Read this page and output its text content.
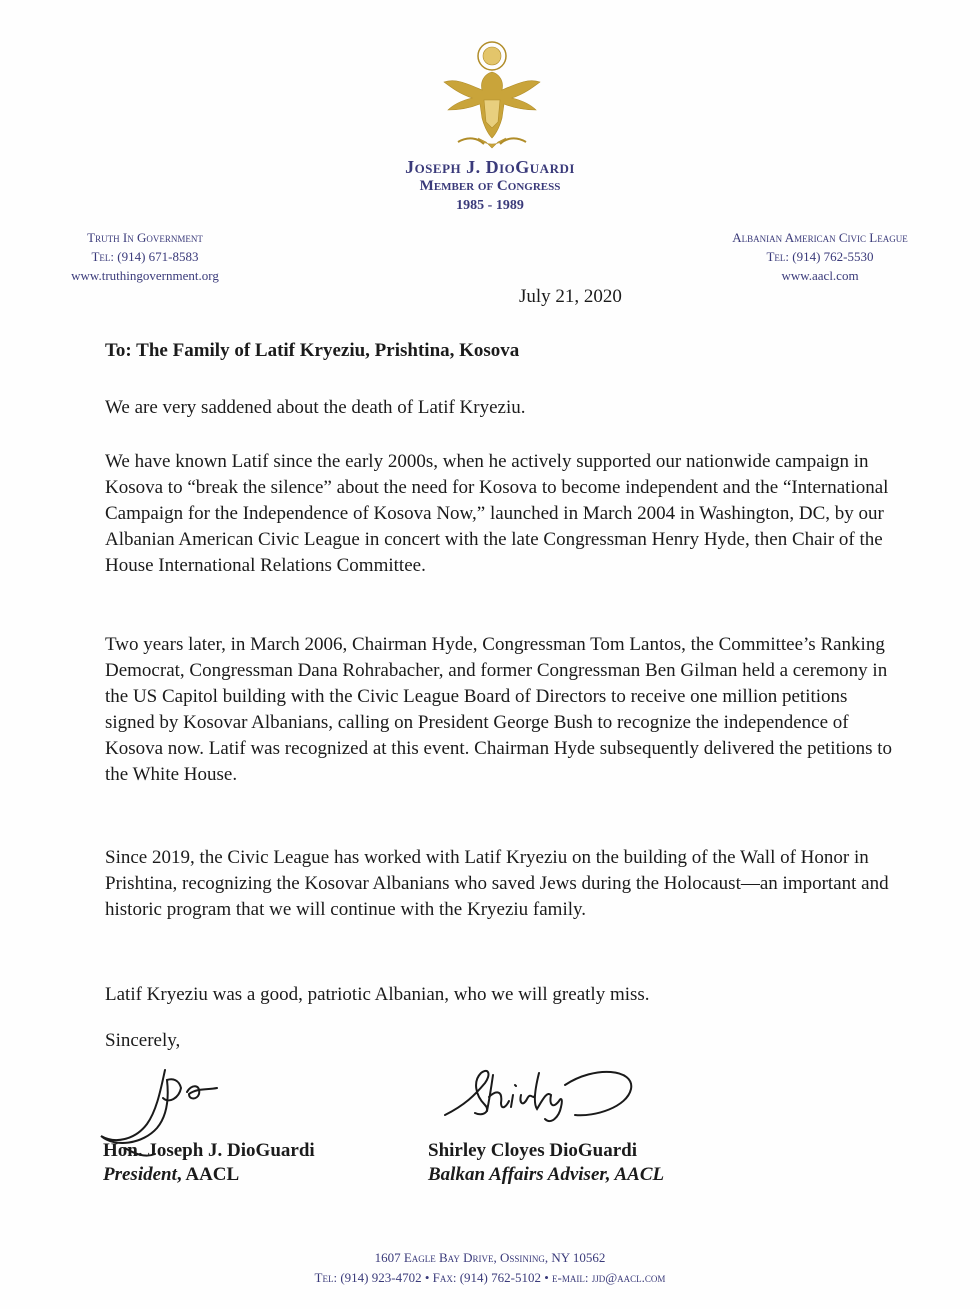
Joseph J. DioGuardi
Member of Congress
1985 - 1989
Truth In Government
Tel: (914) 671-8583
www.truthingovernment.org
Albanian American Civic League
Tel: (914) 762-5530
www.aacl.com
July 21, 2020
To: The Family of Latif Kryeziu, Prishtina, Kosova

We are very saddened about the death of Latif Kryeziu.

We have known Latif since the early 2000s, when he actively supported our nationwide campaign in Kosova to “break the silence” about the need for Kosova to become independent and the “International Campaign for the Independence of Kosova Now,” launched in March 2004 in Washington, DC, by our Albanian American Civic League in concert with the late Congressman Henry Hyde, then Chair of the House International Relations Committee.

Two years later, in March 2006, Chairman Hyde, Congressman Tom Lantos, the Committee’s Ranking Democrat, Congressman Dana Rohrabacher, and former Congressman Ben Gilman held a ceremony in the US Capitol building with the Civic League Board of Directors to receive one million petitions signed by Kosovar Albanians, calling on President George Bush to recognize the independence of Kosova now. Latif was recognized at this event. Chairman Hyde subsequently delivered the petitions to the White House.

Since 2019, the Civic League has worked with Latif Kryeziu on the building of the Wall of Honor in Prishtina, recognizing the Kosovar Albanians who saved Jews during the Holocaust—an important and historic program that we will continue with the Kryeziu family.

Latif Kryeziu was a good, patriotic Albanian, who we will greatly miss.

Sincerely,
Hon. Joseph J. DioGuardi
President, AACL
Shirley Cloyes DioGuardi
Balkan Affairs Adviser, AACL
1607 Eagle Bay Drive, Ossining, NY 10562
Tel: (914) 923-4702 • Fax: (914) 762-5102 • e-mail: jjd@aacl.com
